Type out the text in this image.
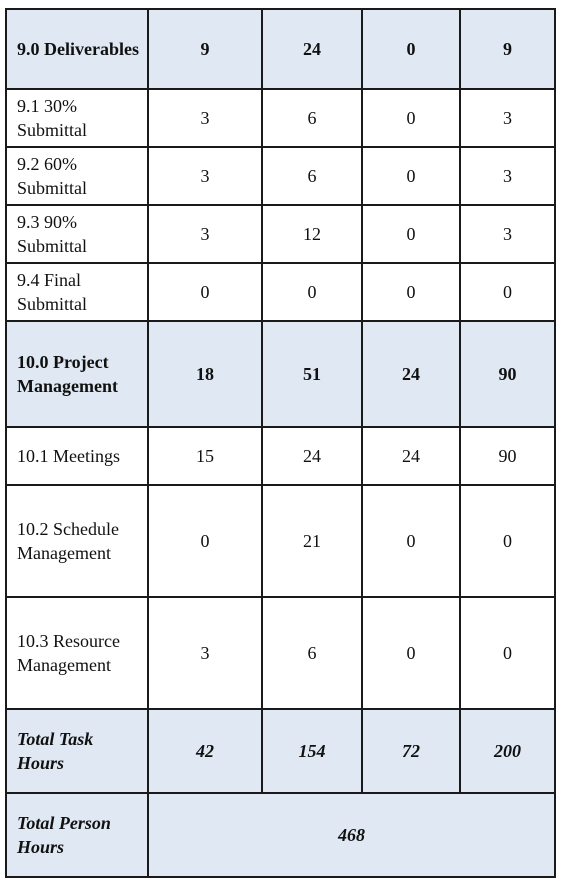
9.0 Deliverables	9	24	0	9
9.1 30% Submittal	3	6	0	3
9.2 60% Submittal	3	6	0	3
9.3 90% Submittal	3	12	0	3
9.4 Final Submittal	0	0	0	0
10.0 Project Management	18	51	24	90
10.1 Meetings	15	24	24	90
10.2 Schedule Management	0	21	0	0
10.3 Resource Management	3	6	0	0
Total Task Hours	42	154	72	200
Total Person Hours	468			
